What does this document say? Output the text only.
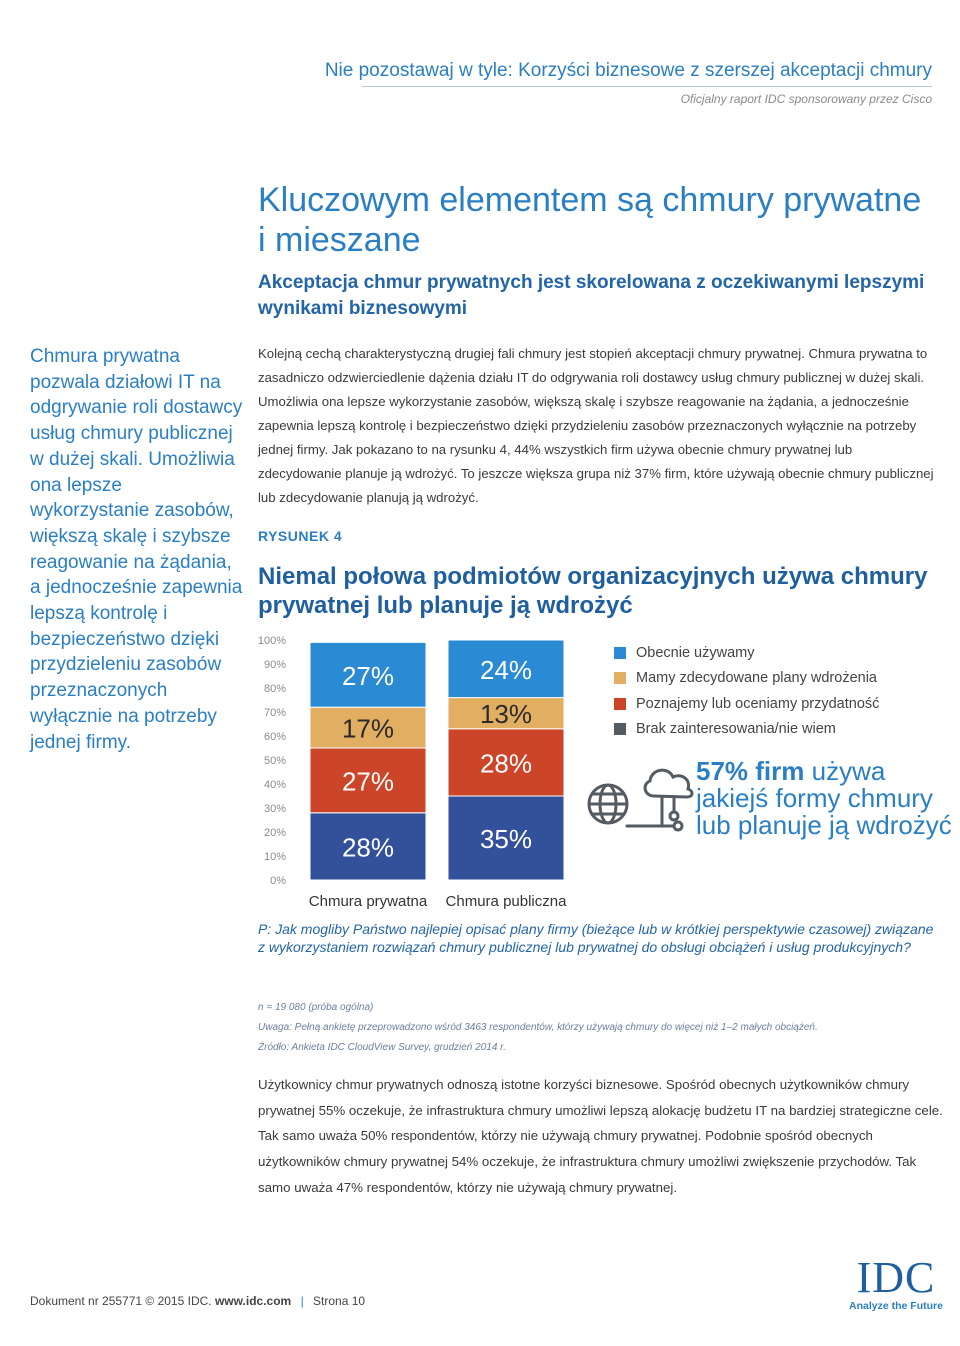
Nie pozostawaj w tyle: Korzyści biznesowe z szerszej akceptacji chmury
Oficjalny raport IDC sponsorowany przez Cisco
Kluczowym elementem są chmury prywatne i mieszane
Akceptacja chmur prywatnych jest skorelowana z oczekiwanymi lepszymi wynikami biznesowymi
Chmura prywatna pozwala działowi IT na odgrywanie roli dostawcy usług chmury publicznej w dużej skali. Umożliwia ona lepsze wykorzystanie zasobów, większą skalę i szybsze reagowanie na żądania, a jednocześnie zapewnia lepszą kontrolę i bezpieczeństwo dzięki przydzieleniu zasobów przeznaczonych wyłącznie na potrzeby jednej firmy.
Kolejną cechą charakterystyczną drugiej fali chmury jest stopień akceptacji chmury prywatnej. Chmura prywatna to zasadniczo odzwierciedlenie dążenia działu IT do odgrywania roli dostawcy usług chmury publicznej w dużej skali. Umożliwia ona lepsze wykorzystanie zasobów, większą skalę i szybsze reagowanie na żądania, a jednocześnie zapewnia lepszą kontrolę i bezpieczeństwo dzięki przydzieleniu zasobów przeznaczonych wyłącznie na potrzeby jednej firmy. Jak pokazano to na rysunku 4, 44% wszystkich firm używa obecnie chmury prywatnej lub zdecydowanie planuje ją wdrożyć. To jeszcze większa grupa niż 37% firm, które używają obecnie chmury publicznej lub zdecydowanie planują ją wdrożyć.
RYSUNEK 4
Niemal połowa podmiotów organizacyjnych używa chmury prywatnej lub planuje ją wdrożyć
0%
10%
20%
30%
40%
50%
60%
70%
80%
90%
100%
28%
27%
17%
27%
Chmura prywatna
35%
28%
13%
24%
Chmura publiczna
Obecnie używamy
Mamy zdecydowane plany wdrożenia
Poznajemy lub oceniamy przydatność
Brak zainteresowania/nie wiem
57% firm używa jakiejś formy chmury lub planuje ją wdrożyć
P: Jak mogliby Państwo najlepiej opisać plany firmy (bieżące lub w krótkiej perspektywie czasowej) związane z wykorzystaniem rozwiązań chmury publicznej lub prywatnej do obsługi obciążeń i usług produkcyjnych?
n = 19 080 (próba ogólna)
Uwaga: Pełną ankietę przeprowadzono wśród 3463 respondentów, którzy używają chmury do więcej niż 1–2 małych obciążeń.
Źródło: Ankieta IDC CloudView Survey, grudzień 2014 r.
Użytkownicy chmur prywatnych odnoszą istotne korzyści biznesowe. Spośród obecnych użytkowników chmury prywatnej 55% oczekuje, że infrastruktura chmury umożliwi lepszą alokację budżetu IT na bardziej strategiczne cele. Tak samo uważa 50% respondentów, którzy nie używają chmury prywatnej. Podobnie spośród obecnych użytkowników chmury prywatnej 54% oczekuje, że infrastruktura chmury umożliwi zwiększenie przychodów. Tak samo uważa 47% respondentów, którzy nie używają chmury prywatnej.
Dokument nr 255771 © 2015 IDC. www.idc.com | Strona 10	IDC
Analyze the Future
